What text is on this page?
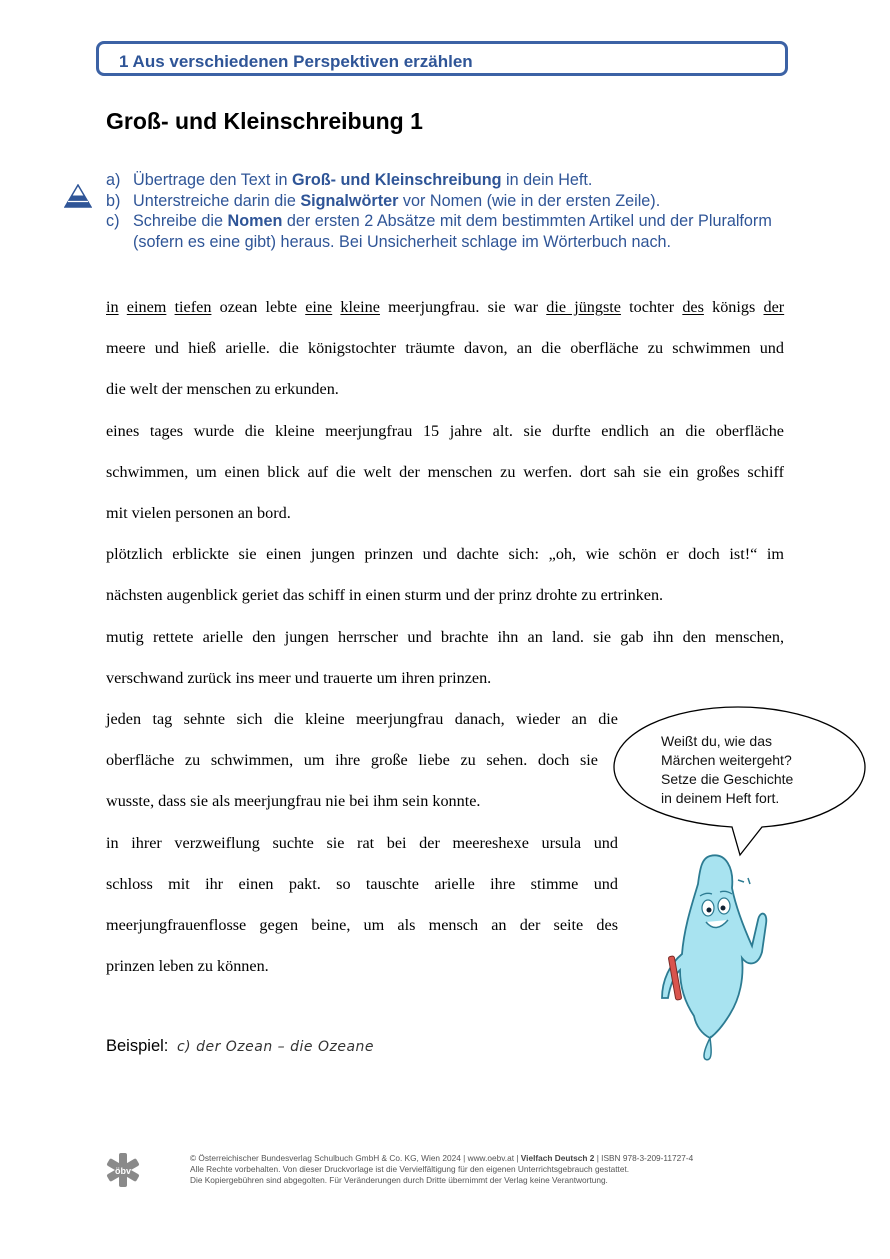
1 Aus verschiedenen Perspektiven erzählen
Groß- und Kleinschreibung 1
a) Übertrage den Text in Groß- und Kleinschreibung in dein Heft.
b) Unterstreiche darin die Signalwörter vor Nomen (wie in der ersten Zeile).
c) Schreibe die Nomen der ersten 2 Absätze mit dem bestimmten Artikel und der Pluralform (sofern es eine gibt) heraus. Bei Unsicherheit schlage im Wörterbuch nach.
in einem tiefen ozean lebte eine kleine meerjungfrau. sie war die jüngste tochter des königs der
meere und hieß arielle. die königstochter träumte davon, an die oberfläche zu schwimmen und
die welt der menschen zu erkunden.
eines tages wurde die kleine meerjungfrau 15 jahre alt. sie durfte endlich an die oberfläche
schwimmen, um einen blick auf die welt der menschen zu werfen. dort sah sie ein großes schiff
mit vielen personen an bord.
plötzlich erblickte sie einen jungen prinzen und dachte sich: „oh, wie schön er doch ist!“ im
nächsten augenblick geriet das schiff in einen sturm und der prinz drohte zu ertrinken.
mutig rettete arielle den jungen herrscher und brachte ihn an land. sie gab ihn den menschen,
verschwand zurück ins meer und trauerte um ihren prinzen.
jeden tag sehnte sich die kleine meerjungfrau danach, wieder an die
oberfläche zu schwimmen, um ihre große liebe zu sehen. doch sie
wusste, dass sie als meerjungfrau nie bei ihm sein konnte.
in ihrer verzweiflung suchte sie rat bei der meereshexe ursula und
schloss mit ihr einen pakt. so tauschte arielle ihre stimme und
meerjungfrauenflosse gegen beine, um als mensch an der seite des
prinzen leben zu können.
Beispiel: c) der Ozean – die Ozeane
Weißt du, wie das
Märchen weitergeht?
Setze die Geschichte
in deinem Heft fort.
öbv
© Österreichischer Bundesverlag Schulbuch GmbH & Co. KG, Wien 2024 | www.oebv.at | Vielfach Deutsch 2 | ISBN 978-3-209-11727-4
Alle Rechte vorbehalten. Von dieser Druckvorlage ist die Vervielfältigung für den eigenen Unterrichtsgebrauch gestattet.
Die Kopiergebühren sind abgegolten. Für Veränderungen durch Dritte übernimmt der Verlag keine Verantwortung.
